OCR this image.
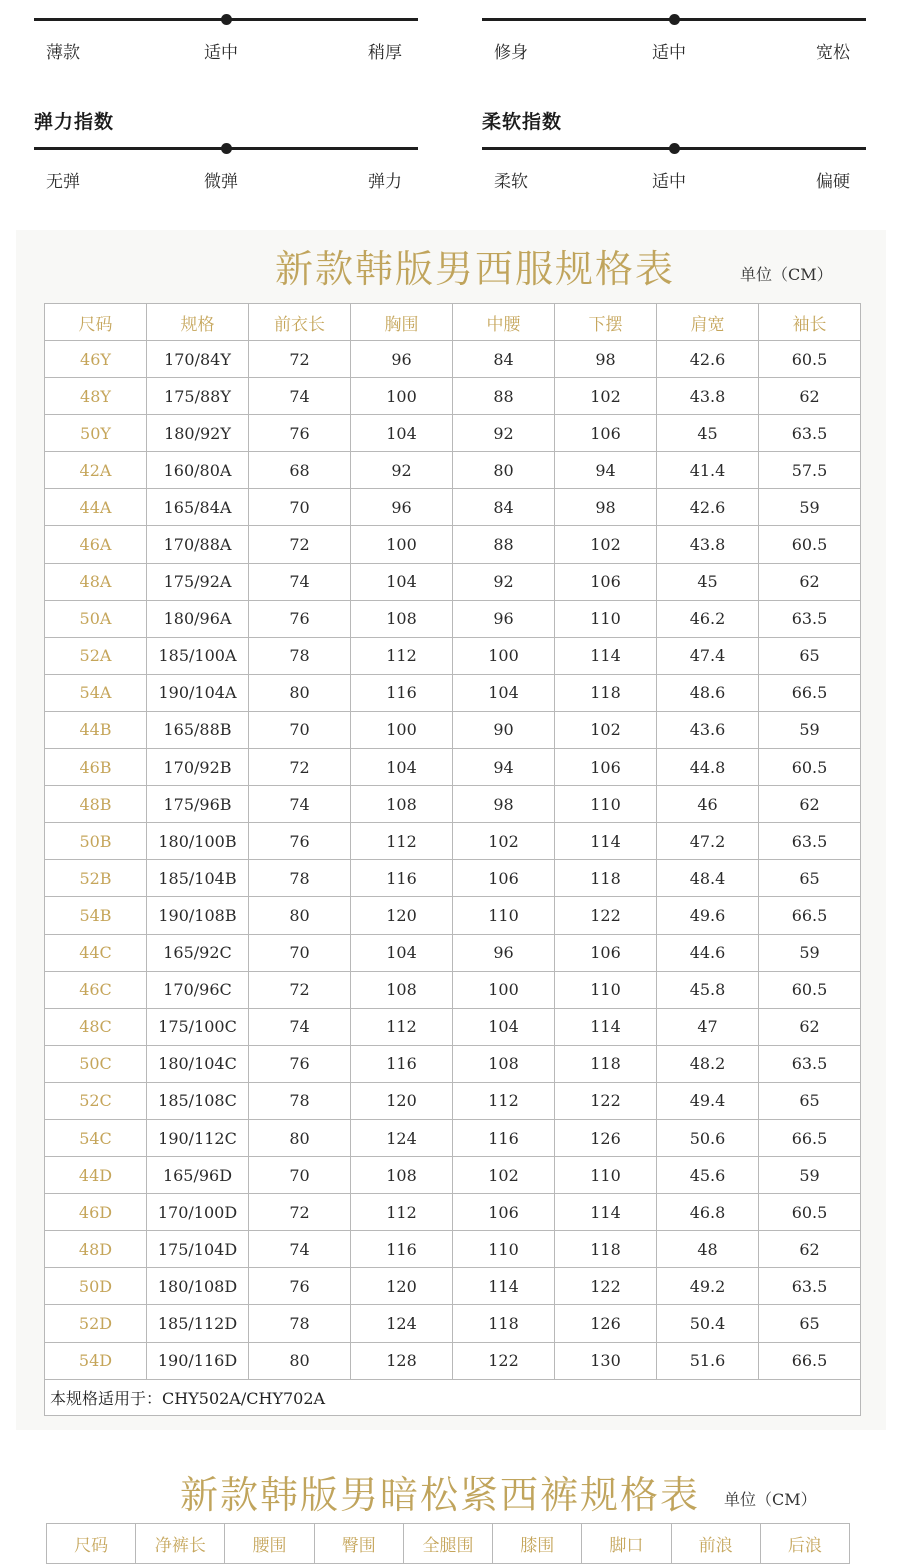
薄款	适中	稍厚	修身	适中	宽松
弹力指数
无弹	微弹	弹力
柔软指数
柔软	适中	偏硬
新款韩版男西服规格表	单位（CM）
尺码	规格	前衣长	胸围	中腰	下摆	肩宽	袖长
46Y	170/84Y	72	96	84	98	42.6	60.5
48Y	175/88Y	74	100	88	102	43.8	62
50Y	180/92Y	76	104	92	106	45	63.5
42A	160/80A	68	92	80	94	41.4	57.5
44A	165/84A	70	96	84	98	42.6	59
46A	170/88A	72	100	88	102	43.8	60.5
48A	175/92A	74	104	92	106	45	62
50A	180/96A	76	108	96	110	46.2	63.5
52A	185/100A	78	112	100	114	47.4	65
54A	190/104A	80	116	104	118	48.6	66.5
44B	165/88B	70	100	90	102	43.6	59
46B	170/92B	72	104	94	106	44.8	60.5
48B	175/96B	74	108	98	110	46	62
50B	180/100B	76	112	102	114	47.2	63.5
52B	185/104B	78	116	106	118	48.4	65
54B	190/108B	80	120	110	122	49.6	66.5
44C	165/92C	70	104	96	106	44.6	59
46C	170/96C	72	108	100	110	45.8	60.5
48C	175/100C	74	112	104	114	47	62
50C	180/104C	76	116	108	118	48.2	63.5
52C	185/108C	78	120	112	122	49.4	65
54C	190/112C	80	124	116	126	50.6	66.5
44D	165/96D	70	108	102	110	45.6	59
46D	170/100D	72	112	106	114	46.8	60.5
48D	175/104D	74	116	110	118	48	62
50D	180/108D	76	120	114	122	49.2	63.5
52D	185/112D	78	124	118	126	50.4	65
54D	190/116D	80	128	122	130	51.6	66.5
本规格适用于：CHY502A/CHY702A							
新款韩版男暗松紧西裤规格表	单位（CM）
尺码	净裤长	腰围	臀围	全腿围	膝围	脚口	前浪	后浪
